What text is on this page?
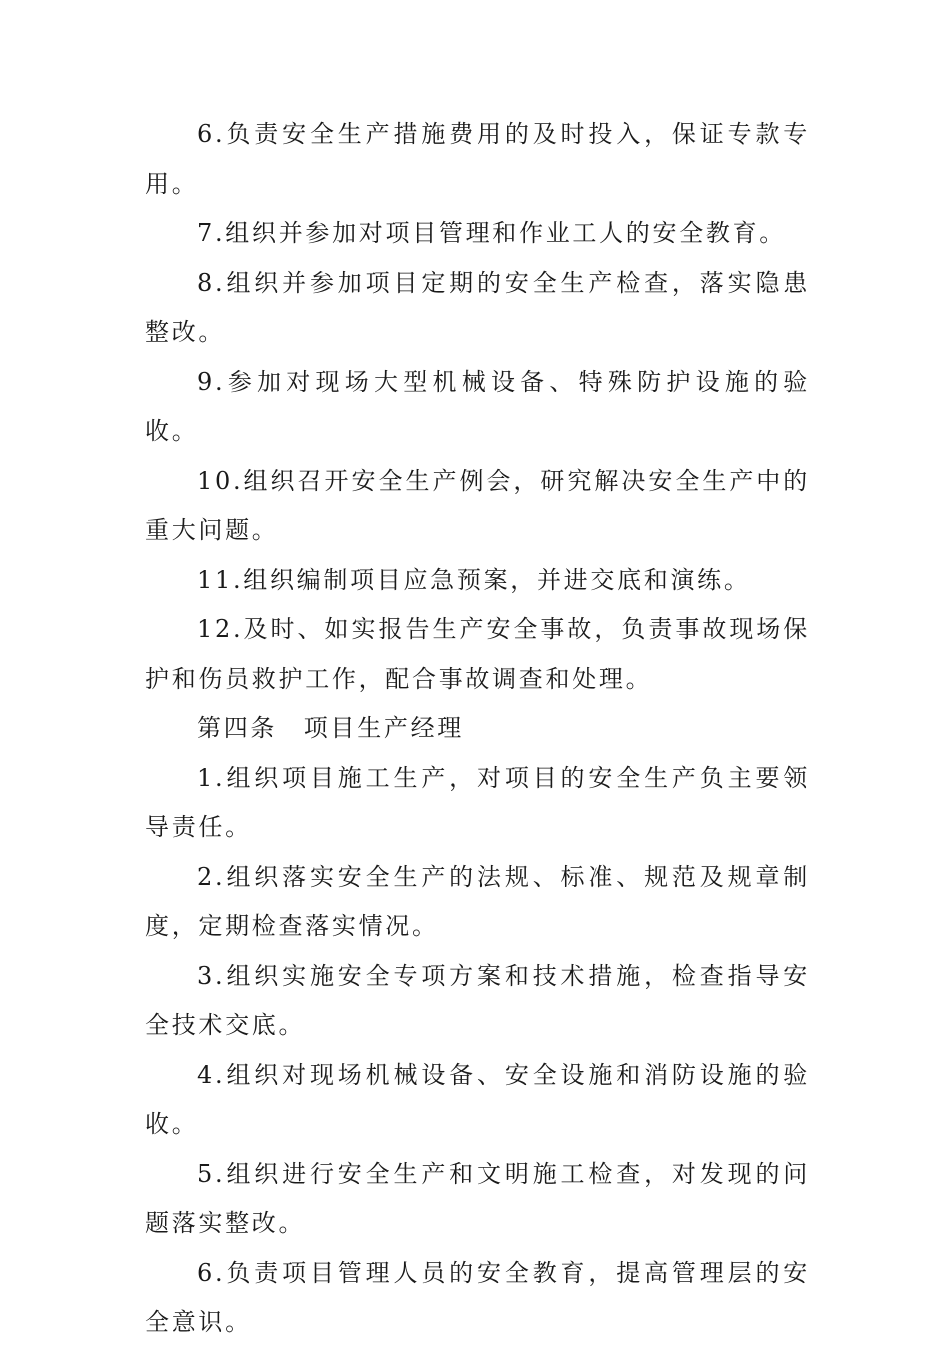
6.负责安全生产措施费用的及时投入，保证专款专用。

7.组织并参加对项目管理和作业工人的安全教育。

8.组织并参加项目定期的安全生产检查，落实隐患整改。

9.参加对现场大型机械设备、特殊防护设施的验收。

10.组织召开安全生产例会，研究解决安全生产中的重大问题。

11.组织编制项目应急预案，并进交底和演练。

12.及时、如实报告生产安全事故，负责事故现场保护和伤员救护工作，配合事故调查和处理。

第四条　项目生产经理

1.组织项目施工生产，对项目的安全生产负主要领导责任。

2.组织落实安全生产的法规、标准、规范及规章制度，定期检查落实情况。

3.组织实施安全专项方案和技术措施，检查指导安全技术交底。

4.组织对现场机械设备、安全设施和消防设施的验收。

5.组织进行安全生产和文明施工检查，对发现的问题落实整改。

6.负责项目管理人员的安全教育，提高管理层的安全意识。
